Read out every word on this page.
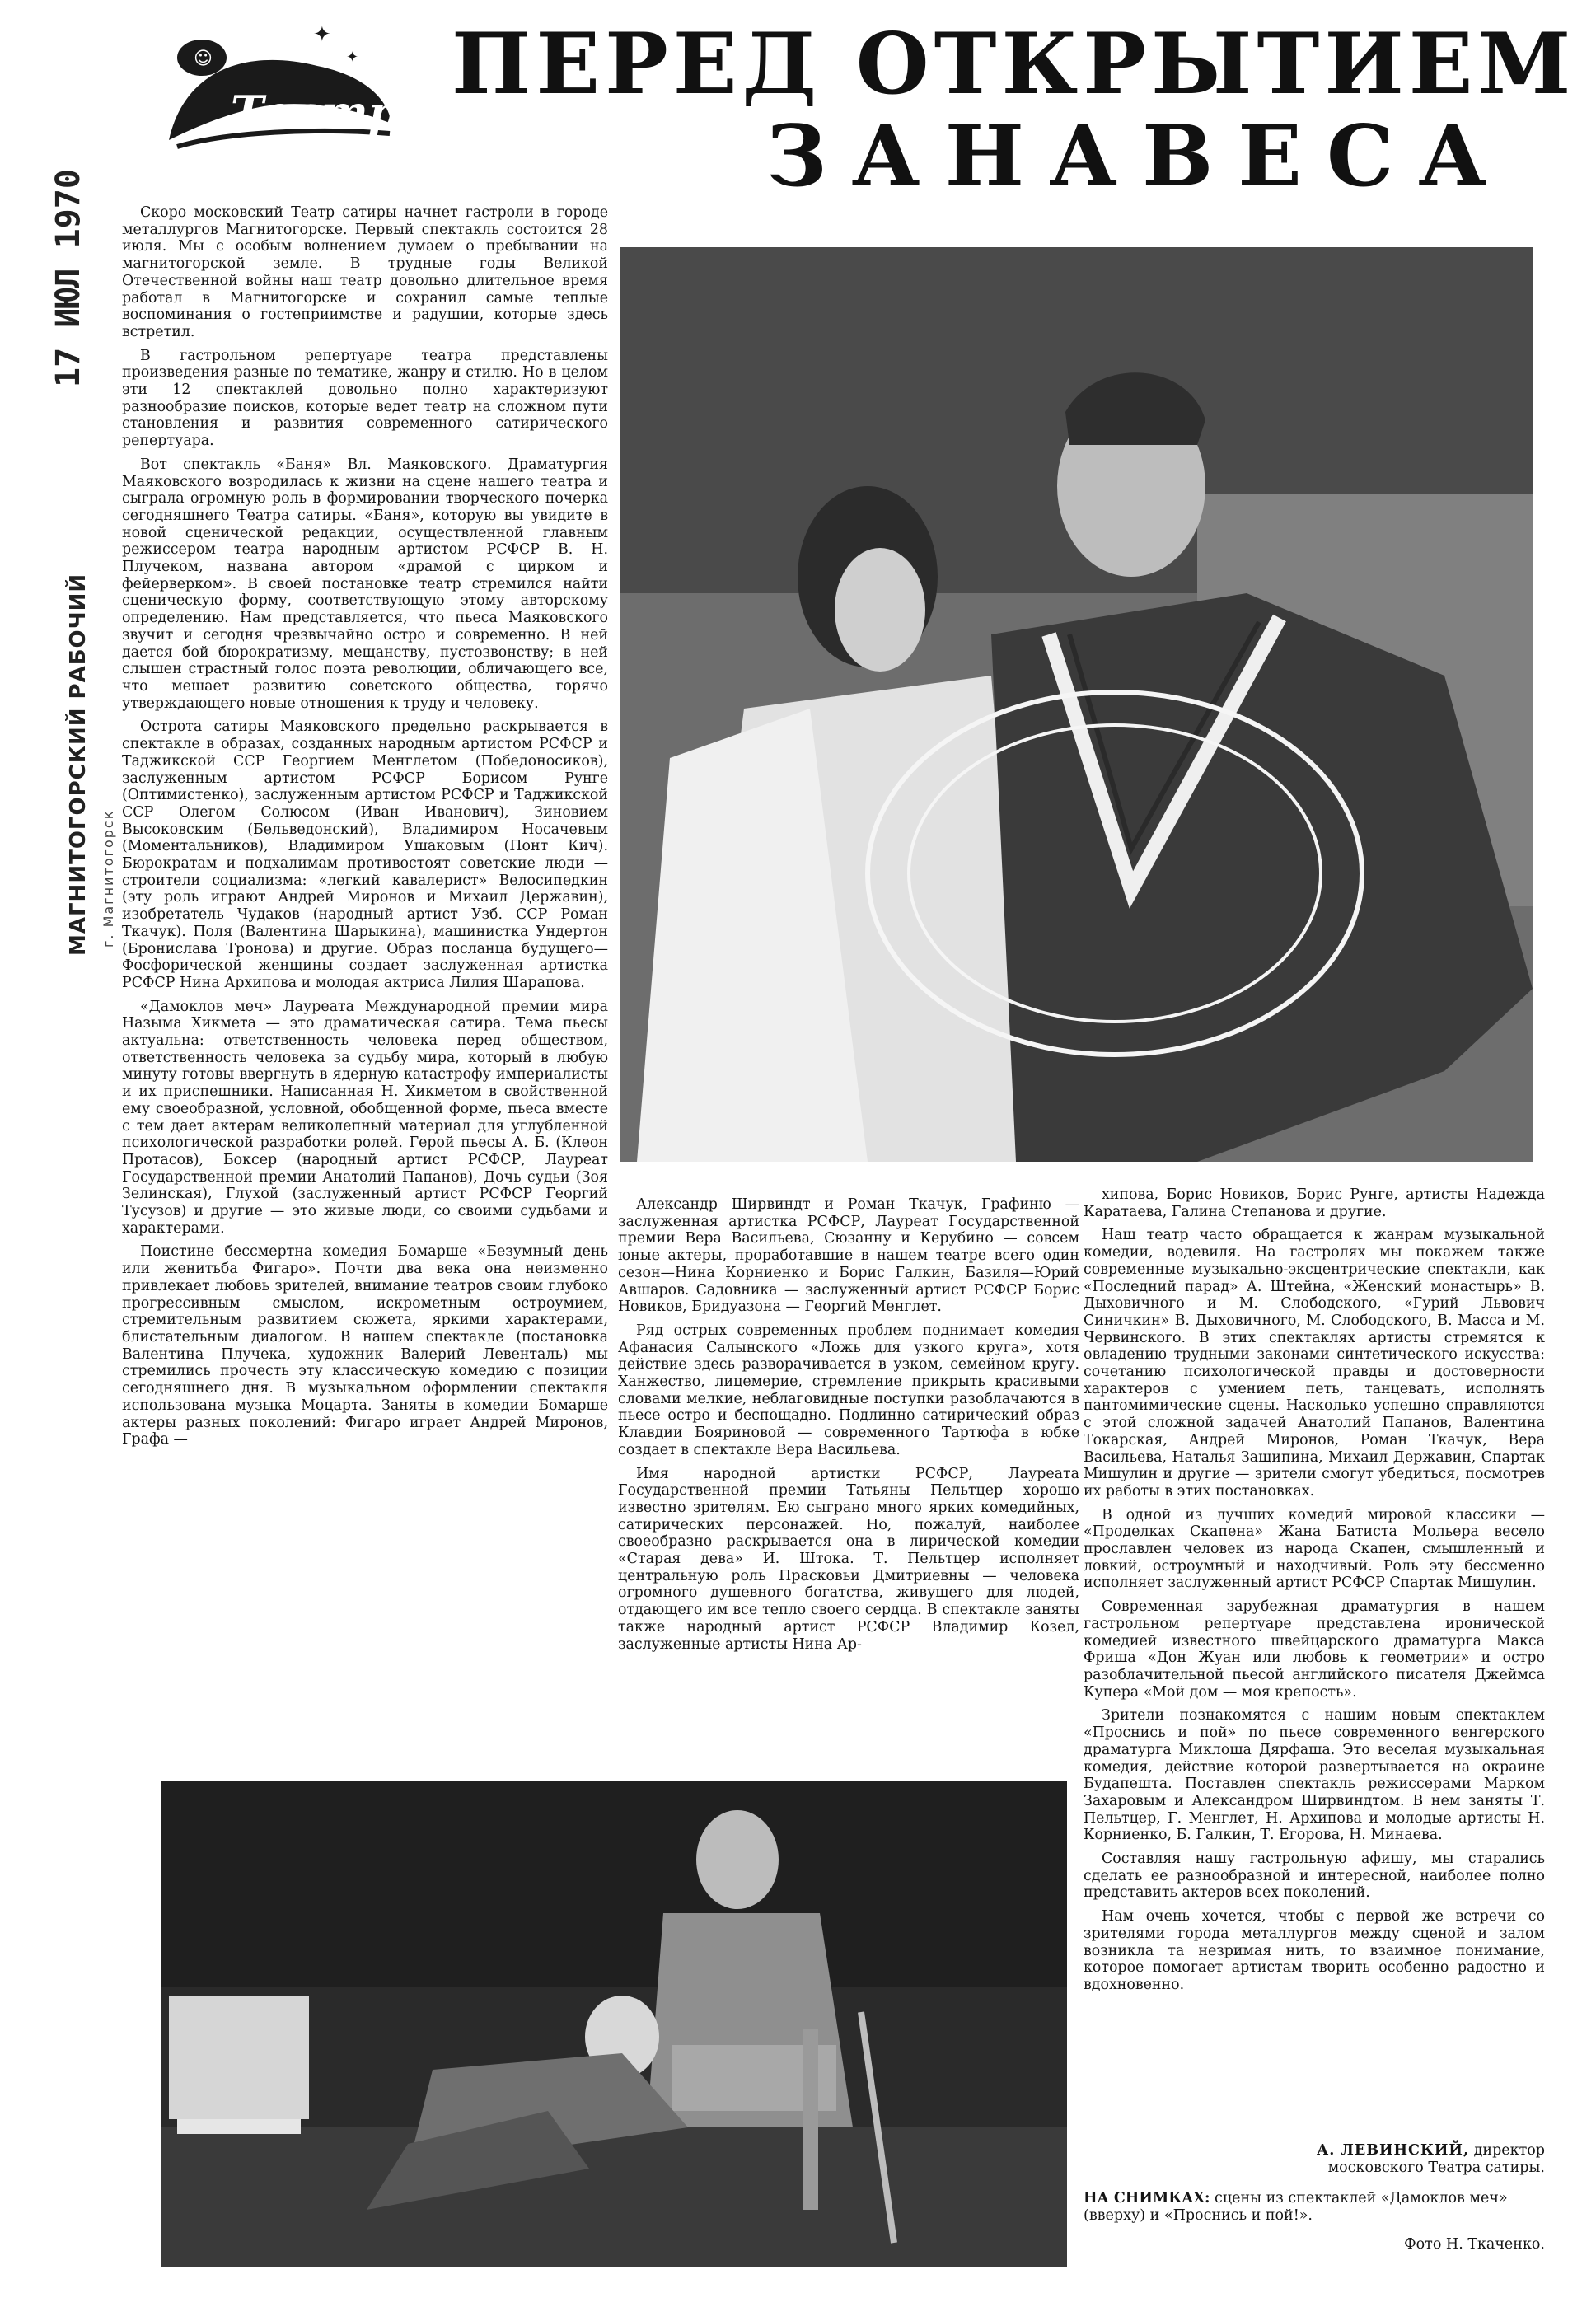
☺
✦
✦
Театр ПЕРЕД ОТКРЫТИЕМ
ЗАНАВЕСА
17 ИЮЛ 1970
МАГНИТОГОРСКИЙ РАБОЧИЙ г. Магнитогорск

Скоро московский Театр сатиры начнет гастроли в городе металлургов Магнитогорске. Первый спектакль состоится 28 июля. Мы с особым волнением думаем о пребывании на магнитогорской земле. В трудные годы Великой Отечественной войны наш театр довольно длительное время работал в Магнитогорске и сохранил самые теплые воспоминания о гостеприимстве и радушии, которые здесь встретил.

В гастрольном репертуаре театра представлены произведения разные по тематике, жанру и стилю. Но в целом эти 12 спектаклей довольно полно характеризуют разнообразие поисков, которые ведет театр на сложном пути становления и развития современного сатирического репертуара.

Вот спектакль «Баня» Вл. Маяковского. Драматургия Маяковского возродилась к жизни на сцене нашего театра и сыграла огромную роль в формировании творческого почерка сегодняшнего Театра сатиры. «Баня», которую вы увидите в новой сценической редакции, осуществленной главным режиссером театра народным артистом РСФСР В. Н. Плучеком, названа автором «драмой с цирком и фейерверком». В своей постановке театр стремился найти сценическую форму, соответствующую этому авторскому определению. Нам представляется, что пьеса Маяковского звучит и сегодня чрезвычайно остро и современно. В ней дается бой бюрократизму, мещанству, пустозвонству; в ней слышен страстный голос поэта революции, обличающего все, что мешает развитию советского общества, горячо утверждающего новые отношения к труду и человеку.

Острота сатиры Маяковского предельно раскрывается в спектакле в образах, созданных народным артистом РСФСР и Таджикской ССР Георгием Менглетом (Победоносиков), заслуженным артистом РСФСР Борисом Рунге (Оптимистенко), заслуженным артистом РСФСР и Таджикской ССР Олегом Солюсом (Иван Иванович), Зиновием Высоковским (Бельведонский), Владимиром Носачевым (Моментальников), Владимиром Ушаковым (Понт Кич). Бюрократам и подхалимам противостоят советские люди — строители социализма: «легкий кавалерист» Велосипедкин (эту роль играют Андрей Миронов и Михаил Державин), изобретатель Чудаков (народный артист Узб. ССР Роман Ткачук). Поля (Валентина Шарыкина), машинистка Ундертон (Бронислава Тронова) и другие. Образ посланца будущего—Фосфорической женщины создает заслуженная артистка РСФСР Нина Архипова и молодая актриса Лилия Шарапова.

«Дамоклов меч» Лауреата Международной премии мира Назыма Хикмета — это драматическая сатира. Тема пьесы актуальна: ответственность человека перед обществом, ответственность человека за судьбу мира, который в любую минуту готовы ввергнуть в ядерную катастрофу империалисты и их приспешники. Написанная Н. Хикметом в свойственной ему своеобразной, условной, обобщенной форме, пьеса вместе с тем дает актерам великолепный материал для углубленной психологической разработки ролей. Герой пьесы А. Б. (Клеон Протасов), Боксер (народный артист РСФСР, Лауреат Государственной премии Анатолий Папанов), Дочь судьи (Зоя Зелинская), Глухой (заслуженный артист РСФСР Георгий Тусузов) и другие — это живые люди, со своими судьбами и характерами.

Поистине бессмертна комедия Бомарше «Безумный день или женитьба Фигаро». Почти два века она неизменно привлекает любовь зрителей, внимание театров своим глубоко прогрессивным смыслом, искрометным остроумием, стремительным развитием сюжета, яркими характерами, блистательным диалогом. В нашем спектакле (постановка Валентина Плучека, художник Валерий Левенталь) мы стремились прочесть эту классическую комедию с позиции сегодняшнего дня. В музыкальном оформлении спектакля использована музыка Моцарта. Заняты в комедии Бомарше актеры разных поколений: Фигаро играет Андрей Миронов, Графа —

Александр Ширвиндт и Роман Ткачук, Графиню — заслуженная артистка РСФСР, Лауреат Государственной премии Вера Васильева, Сюзанну и Керубино — совсем юные актеры, проработавшие в нашем театре всего один сезон—Нина Корниенко и Борис Галкин, Базиля—Юрий Авшаров. Садовника — заслуженный артист РСФСР Борис Новиков, Бридуазона — Георгий Менглет.

Ряд острых современных проблем поднимает комедия Афанасия Салынского «Ложь для узкого круга», хотя действие здесь разворачивается в узком, семейном кругу. Ханжество, лицемерие, стремление прикрыть красивыми словами мелкие, неблаговидные поступки разоблачаются в пьесе остро и беспощадно. Подлинно сатирический образ Клавдии Бояриновой — современного Тартюфа в юбке создает в спектакле Вера Васильева.

Имя народной артистки РСФСР, Лауреата Государственной премии Татьяны Пельтцер хорошо известно зрителям. Ею сыграно много ярких комедийных, сатирических персонажей. Но, пожалуй, наиболее своеобразно раскрывается она в лирической комедии «Старая дева» И. Штока. Т. Пельтцер исполняет центральную роль Прасковьи Дмитриевны — человека огромного душевного богатства, живущего для людей, отдающего им все тепло своего сердца. В спектакле заняты также народный артист РСФСР Владимир Козел, заслуженные артисты Нина Ар-

хипова, Борис Новиков, Борис Рунге, артисты Надежда Каратаева, Галина Степанова и другие.

Наш театр часто обращается к жанрам музыкальной комедии, водевиля. На гастролях мы покажем также современные музыкально-эксцентрические спектакли, как «Последний парад» А. Штейна, «Женский монастырь» В. Дыховичного и М. Слободского, «Гурий Львович Синичкин» В. Дыховичного, М. Слободского, В. Масса и М. Червинского. В этих спектаклях артисты стремятся к овладению трудными законами синтетического искусства: сочетанию психологической правды и достоверности характеров с умением петь, танцевать, исполнять пантомимические сцены. Насколько успешно справляются с этой сложной задачей Анатолий Папанов, Валентина Токарская, Андрей Миронов, Роман Ткачук, Вера Васильева, Наталья Защипина, Михаил Державин, Спартак Мишулин и другие — зрители смогут убедиться, посмотрев их работы в этих постановках.

В одной из лучших комедий мировой классики — «Проделках Скапена» Жана Батиста Мольера весело прославлен человек из народа Скапен, смышленный и ловкий, остроумный и находчивый. Роль эту бессменно исполняет заслуженный артист РСФСР Спартак Мишулин.

Современная зарубежная драматургия в нашем гастрольном репертуаре представлена иронической комедией известного швейцарского драматурга Макса Фриша «Дон Жуан или любовь к геометрии» и остро разоблачительной пьесой английского писателя Джеймса Купера «Мой дом — моя крепость».

Зрители познакомятся с нашим новым спектаклем «Проснись и пой» по пьесе современного венгерского драматурга Миклоша Дярфаша. Это веселая музыкальная комедия, действие которой развертывается на окраине Будапешта. Поставлен спектакль режиссерами Марком Захаровым и Александром Ширвиндтом. В нем заняты Т. Пельтцер, Г. Менглет, Н. Архипова и молодые артисты Н. Корниенко, Б. Галкин, Т. Егорова, Н. Минаева.

Составляя нашу гастрольную афишу, мы старались сделать ее разнообразной и интересной, наиболее полно представить актеров всех поколений.

Нам очень хочется, чтобы с первой же встречи со зрителями города металлургов между сценой и залом возникла та незримая нить, то взаимное понимание, которое помогает артистам творить особенно радостно и вдохновенно.

А. ЛЕВИНСКИЙ, директор

московского Театра сатиры.

НА СНИМКАХ: сцены из спектаклей «Дамоклов меч» (вверху) и «Проснись и пой!».

Фото Н. Ткаченко.
